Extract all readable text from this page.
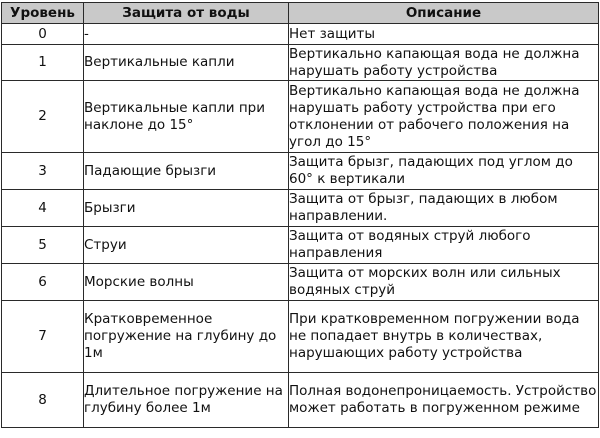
Уровень	Защита от воды	Описание
0	-	Нет защиты
1	Вертикальные капли	Вертикально капающая вода не должна нарушать работу устройства
2	Вертикальные капли при наклоне до 15°	Вертикально капающая вода не должна нарушать работу устройства при его отклонении от рабочего положения на угол до 15°
3	Падающие брызги	Защита брызг, падающих под углом до 60° к вертикали
4	Брызги	Защита от брызг, падающих в любом направлении.
5	Струи	Защита от водяных струй любого направления
6	Морские волны	Защита от морских волн или сильных водяных струй
7	Кратковременное погружение на глубину до 1м	При кратковременном погружении вода не попадает внутрь в количествах, нарушающих работу устройства
8	Длительное погружение на глубину более 1м	Полная водонепроницаемость. Устройство может работать в погруженном режиме
